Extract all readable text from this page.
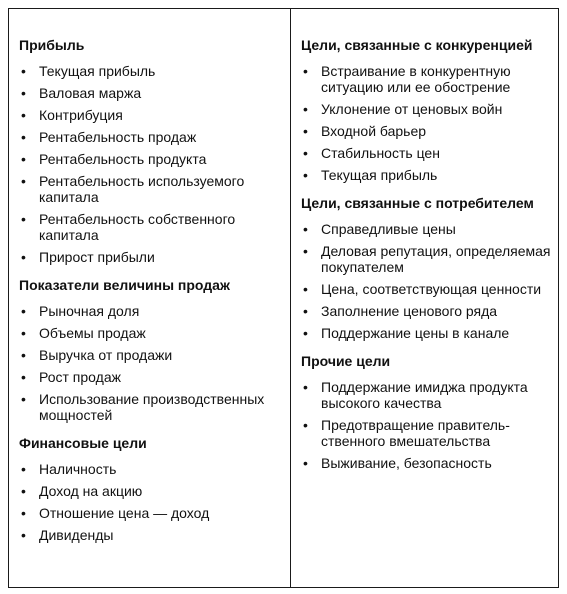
Прибыль
• Текущая прибыль
• Валовая маржа
• Контрибуция
• Рентабельность продаж
• Рентабельность продукта
• Рентабельность используемого капитала
• Рентабельность собственного капитала
• Прирост прибыли
Показатели величины продаж
• Рыночная доля
• Объемы продаж
• Выручка от продажи
• Рост продаж
• Использование производственных мощностей
Финансовые цели
• Наличность
• Доход на акцию
• Отношение цена — доход
• Дивиденды
Цели, связанные с конкуренцией
• Встраивание в конкурентную ситуацию или ее обострение
• Уклонение от ценовых войн
• Входной барьер
• Стабильность цен
• Текущая прибыль
Цели, связанные с потребителем
• Справедливые цены
• Деловая репутация, определяемая покупателем
• Цена, соответствующая ценности
• Заполнение ценового ряда
• Поддержание цены в канале
Прочие цели
• Поддержание имиджа продукта высокого качества
• Предотвращение правитель-ственного вмешательства
• Выживание, безопасность
